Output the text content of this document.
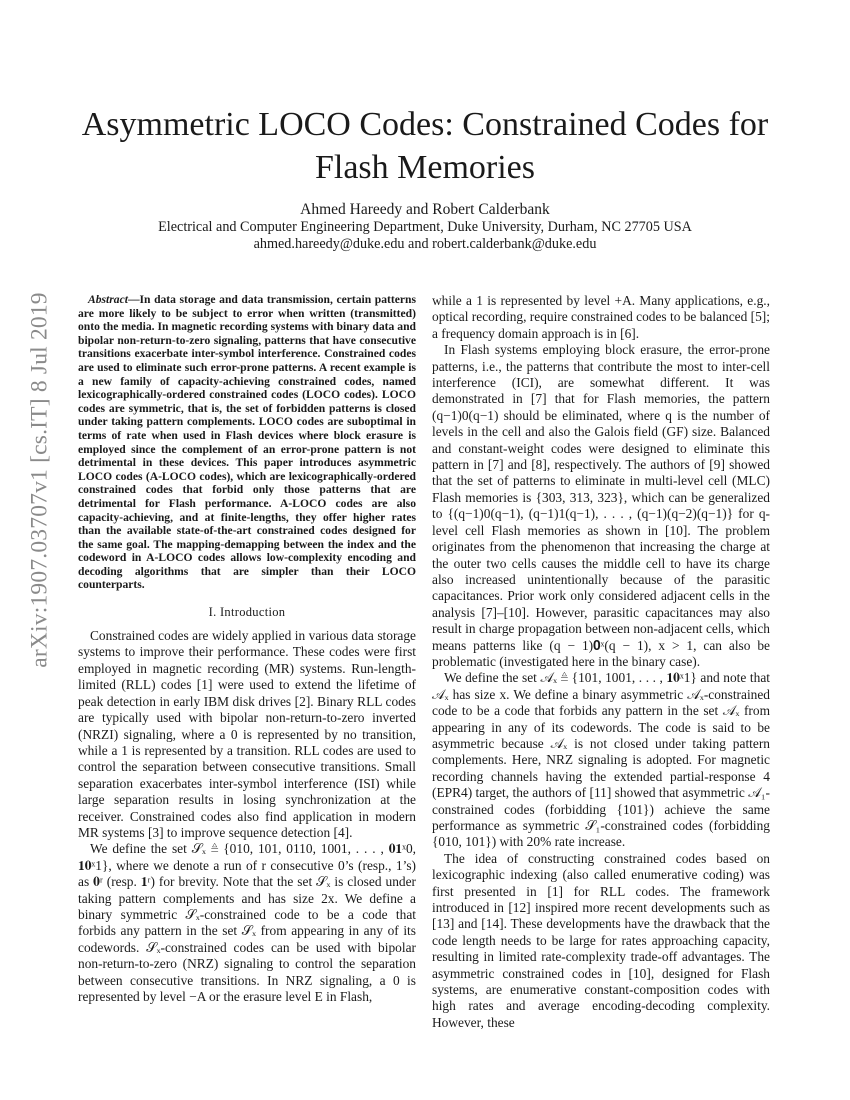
arXiv:1907.03707v1 [cs.IT] 8 Jul 2019
Asymmetric LOCO Codes: Constrained Codes for Flash Memories
Ahmed Hareedy and Robert Calderbank
Electrical and Computer Engineering Department, Duke University, Durham, NC 27705 USA
ahmed.hareedy@duke.edu and robert.calderbank@duke.edu

Abstract—In data storage and data transmission, certain patterns are more likely to be subject to error when written (transmitted) onto the media. In magnetic recording systems with binary data and bipolar non-return-to-zero signaling, patterns that have consecutive transitions exacerbate inter-symbol interference. Constrained codes are used to eliminate such error-prone patterns. A recent example is a new family of capacity-achieving constrained codes, named lexicographically-ordered constrained codes (LOCO codes). LOCO codes are symmetric, that is, the set of forbidden patterns is closed under taking pattern complements. LOCO codes are suboptimal in terms of rate when used in Flash devices where block erasure is employed since the complement of an error-prone pattern is not detrimental in these devices. This paper introduces asymmetric LOCO codes (A-LOCO codes), which are lexicographically-ordered constrained codes that forbid only those patterns that are detrimental for Flash performance. A-LOCO codes are also capacity-achieving, and at finite-lengths, they offer higher rates than the available state-of-the-art constrained codes designed for the same goal. The mapping-demapping between the index and the codeword in A-LOCO codes allows low-complexity encoding and decoding algorithms that are simpler than their LOCO counterparts.

I. Introduction

Constrained codes are widely applied in various data storage systems to improve their performance. These codes were first employed in magnetic recording (MR) systems. Run-length-limited (RLL) codes [1] were used to extend the lifetime of peak detection in early IBM disk drives [2]. Binary RLL codes are typically used with bipolar non-return-to-zero inverted (NRZI) signaling, where a 0 is represented by no transition, while a 1 is represented by a transition. RLL codes are used to control the separation between consecutive transitions. Small separation exacerbates inter-symbol interference (ISI) while large separation results in losing synchronization at the receiver. Constrained codes also find application in modern MR systems [3] to improve sequence detection [4].

We define the set 𝒮ₓ ≜ {010, 101, 0110, 1001, . . . , 𝟎𝟏ˣ0, 𝟏𝟎ˣ1}, where we denote a run of r consecutive 0’s (resp., 1’s) as 𝟎ʳ (resp. 𝟏ʳ) for brevity. Note that the set 𝒮ₓ is closed under taking pattern complements and has size 2x. We define a binary symmetric 𝒮ₓ-constrained code to be a code that forbids any pattern in the set 𝒮ₓ from appearing in any of its codewords. 𝒮ₓ-constrained codes can be used with bipolar non-return-to-zero (NRZ) signaling to control the separation between consecutive transitions. In NRZ signaling, a 0 is represented by level −A or the erasure level E in Flash,

while a 1 is represented by level +A. Many applications, e.g., optical recording, require constrained codes to be balanced [5]; a frequency domain approach is in [6].

In Flash systems employing block erasure, the error-prone patterns, i.e., the patterns that contribute the most to inter-cell interference (ICI), are somewhat different. It was demonstrated in [7] that for Flash memories, the pattern (q−1)0(q−1) should be eliminated, where q is the number of levels in the cell and also the Galois field (GF) size. Balanced and constant-weight codes were designed to eliminate this pattern in [7] and [8], respectively. The authors of [9] showed that the set of patterns to eliminate in multi-level cell (MLC) Flash memories is {303, 313, 323}, which can be generalized to {(q−1)0(q−1), (q−1)1(q−1), . . . , (q−1)(q−2)(q−1)} for q-level cell Flash memories as shown in [10]. The problem originates from the phenomenon that increasing the charge at the outer two cells causes the middle cell to have its charge also increased unintentionally because of the parasitic capacitances. Prior work only considered adjacent cells in the analysis [7]–[10]. However, parasitic capacitances may also result in charge propagation between non-adjacent cells, which means patterns like (q − 1)𝟎ˣ(q − 1), x > 1, can also be problematic (investigated here in the binary case).

We define the set 𝒜ₓ ≜ {101, 1001, . . . , 𝟏𝟎ˣ1} and note that 𝒜ₓ has size x. We define a binary asymmetric 𝒜ₓ-constrained code to be a code that forbids any pattern in the set 𝒜ₓ from appearing in any of its codewords. The code is said to be asymmetric because 𝒜ₓ is not closed under taking pattern complements. Here, NRZ signaling is adopted. For magnetic recording channels having the extended partial-response 4 (EPR4) target, the authors of [11] showed that asymmetric 𝒜₁-constrained codes (forbidding {101}) achieve the same performance as symmetric 𝒮₁-constrained codes (forbidding {010, 101}) with 20% rate increase.

The idea of constructing constrained codes based on lexicographic indexing (also called enumerative coding) was first presented in [1] for RLL codes. The framework introduced in [12] inspired more recent developments such as [13] and [14]. These developments have the drawback that the code length needs to be large for rates approaching capacity, resulting in limited rate-complexity trade-off advantages. The asymmetric constrained codes in [10], designed for Flash systems, are enumerative constant-composition codes with high rates and average encoding-decoding complexity. However, these
